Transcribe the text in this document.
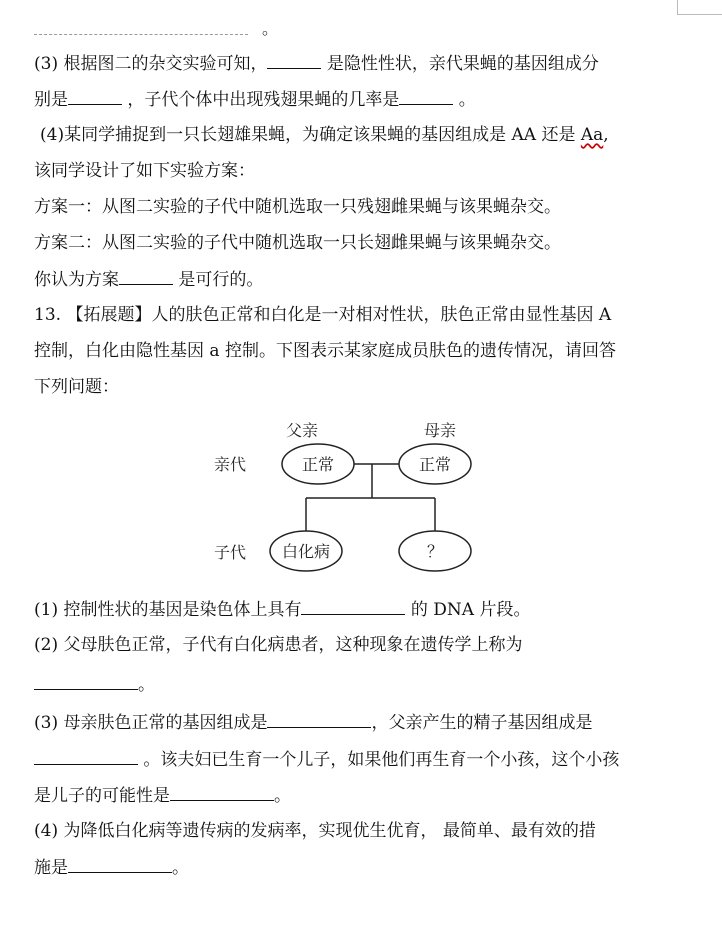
。
(3) 根据图二的杂交实验可知，	是隐性性状，亲代果蝇的基因组成分
别是	，子代个体中出现残翅果蝇的几率是	。
(4)某同学捕捉到一只长翅雄果蝇，为确定该果蝇的基因组成是 AA 还是 Aa,
该同学设计了如下实验方案：
方案一：从图二实验的子代中随机选取一只残翅雌果蝇与该果蝇杂交。
方案二：从图二实验的子代中随机选取一只长翅雌果蝇与该果蝇杂交。
你认为方案	是可行的。
13. 【拓展题】人的肤色正常和白化是一对相对性状，肤色正常由显性基因 A
控制，白化由隐性基因 a 控制。下图表示某家庭成员肤色的遗传情况，请回答
下列问题：
父亲	母亲
亲代
子代
正常	正常
白化病	？
(1) 控制性状的基因是染色体上具有	的 DNA 片段。
(2) 父母肤色正常，子代有白化病患者，这种现象在遗传学上称为
。
(3) 母亲肤色正常的基因组成是	，父亲产生的精子基因组成是
。该夫妇已生育一个儿子，如果他们再生育一个小孩，这个小孩
是儿子的可能性是	。
(4) 为降低白化病等遗传病的发病率，实现优生优育， 最简单、最有效的措
施是	。
